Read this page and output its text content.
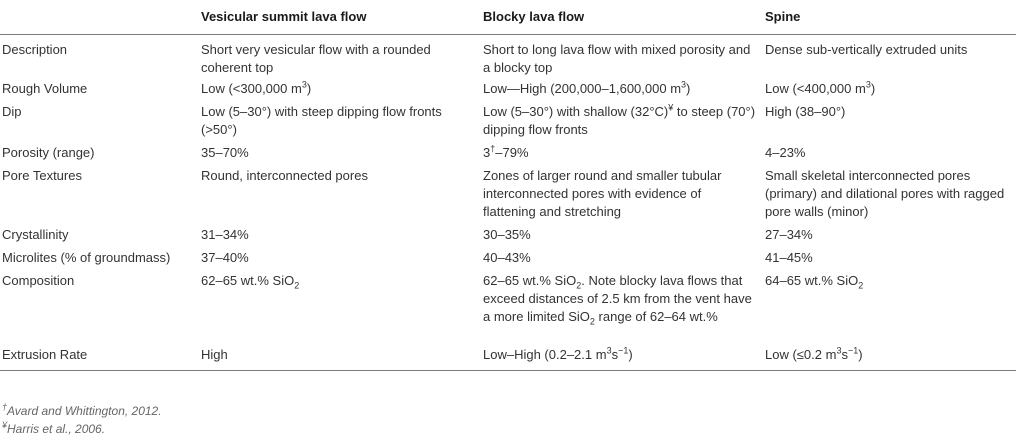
	Vesicular summit lava flow	Blocky lava flow	Spine
Description	Short very vesicular flow with a rounded coherent top	Short to long lava flow with mixed porosity and a blocky top	Dense sub-vertically extruded units
Rough Volume	Low (<300,000 $m^3$)	Low—High (200,000–1,600,000 $m^3$)	Low (<400,000 $m^3$)
Dip	Low (5–30°) with steep dipping flow fronts (>50°)	Low (5–30°) with shallow (32°C)¥ to steep (70°) dipping flow fronts	High (38–90°)
Porosity (range)	35–70%	3†–79%	4–23%
Pore Textures	Round, interconnected pores	Zones of larger round and smaller tubular interconnected pores with evidence of flattening and stretching	Small skeletal interconnected pores (primary) and dilational pores with ragged pore walls (minor)
Crystallinity	31–34%	30–35%	27–34%
Microlites (% of groundmass)	37–40%	40–43%	41–45%
Composition	62–65 wt.% SiO$_2$	62–65 wt.% SiO$_2$. Note blocky lava flows that exceed distances of 2.5 km from the vent have a more limited SiO$_2$ range of 62–64 wt.%	64–65 wt.% SiO$_2$
Extrusion Rate	High	Low–High (0.2–2.1 $m^3s^{-1}$)	Low (≤0.2 $m^3s^{-1}$)
†Avard and Whittington, 2012.
¥Harris et al., 2006.
